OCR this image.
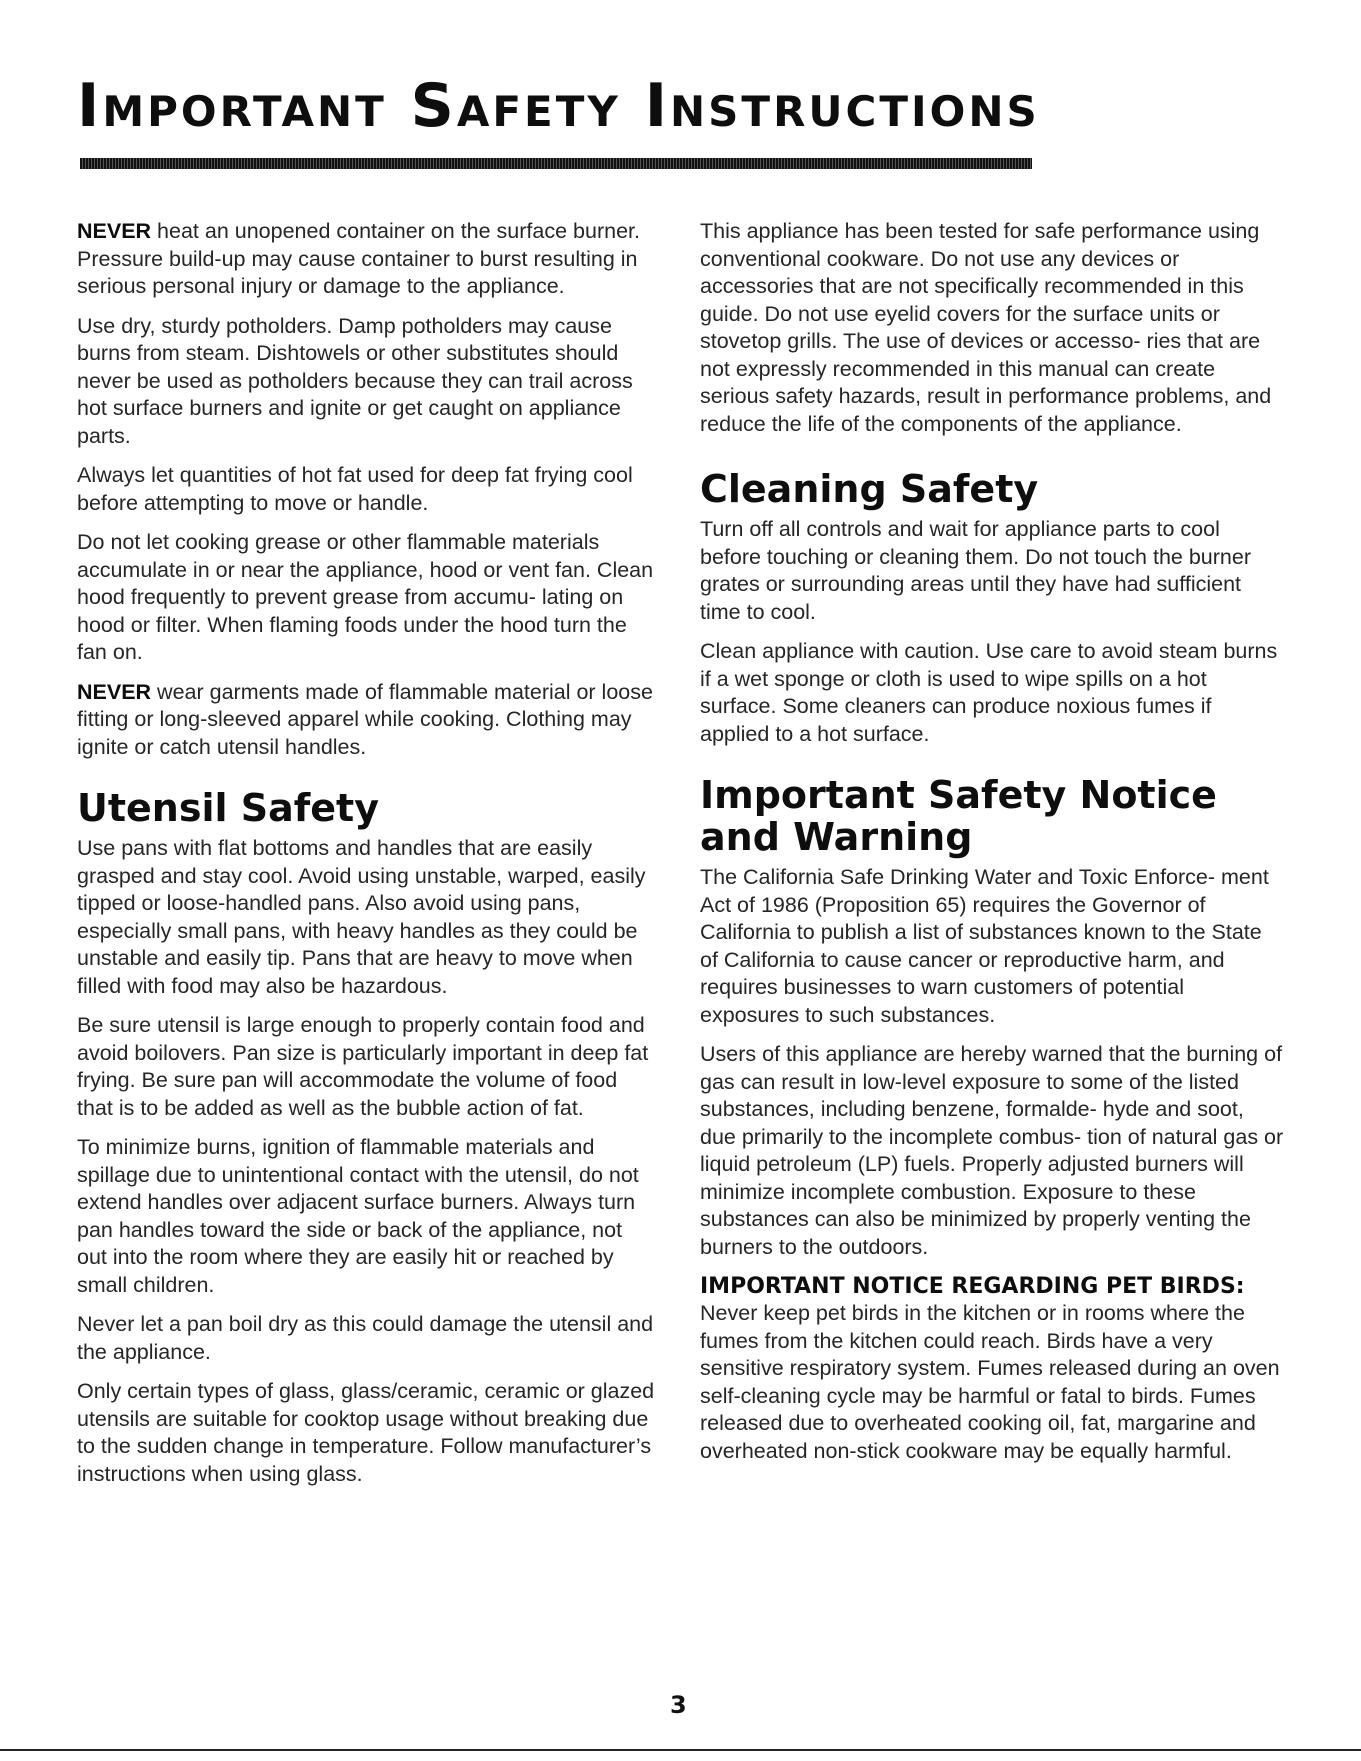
Important Safety Instructions

NEVER heat an unopened container on the surface burner. Pressure build-up may cause container to burst resulting in serious personal injury or damage to the appliance.

Use dry, sturdy potholders. Damp potholders may cause burns from steam. Dishtowels or other substitutes should never be used as potholders because they can trail across hot surface burners and ignite or get caught on appliance parts.

Always let quantities of hot fat used for deep fat frying cool before attempting to move or handle.

Do not let cooking grease or other flammable materials accumulate in or near the appliance, hood or vent fan. Clean hood frequently to prevent grease from accumu- lating on hood or filter. When flaming foods under the hood turn the fan on.

NEVER wear garments made of flammable material or loose fitting or long-sleeved apparel while cooking. Clothing may ignite or catch utensil handles.

Utensil Safety

Use pans with flat bottoms and handles that are easily grasped and stay cool. Avoid using unstable, warped, easily tipped or loose-handled pans. Also avoid using pans, especially small pans, with heavy handles as they could be unstable and easily tip. Pans that are heavy to move when filled with food may also be hazardous.

Be sure utensil is large enough to properly contain food and avoid boilovers. Pan size is particularly important in deep fat frying. Be sure pan will accommodate the volume of food that is to be added as well as the bubble action of fat.

To minimize burns, ignition of flammable materials and spillage due to unintentional contact with the utensil, do not extend handles over adjacent surface burners. Always turn pan handles toward the side or back of the appliance, not out into the room where they are easily hit or reached by small children.

Never let a pan boil dry as this could damage the utensil and the appliance.

Only certain types of glass, glass/ceramic, ceramic or glazed utensils are suitable for cooktop usage without breaking due to the sudden change in temperature. Follow manufacturer’s instructions when using glass.

This appliance has been tested for safe performance using conventional cookware. Do not use any devices or accessories that are not specifically recommended in this guide. Do not use eyelid covers for the surface units or stovetop grills. The use of devices or accesso- ries that are not expressly recommended in this manual can create serious safety hazards, result in performance problems, and reduce the life of the components of the appliance.

Cleaning Safety

Turn off all controls and wait for appliance parts to cool before touching or cleaning them. Do not touch the burner grates or surrounding areas until they have had sufficient time to cool.

Clean appliance with caution. Use care to avoid steam burns if a wet sponge or cloth is used to wipe spills on a hot surface. Some cleaners can produce noxious fumes if applied to a hot surface.

Important Safety Notice and Warning

The California Safe Drinking Water and Toxic Enforce- ment Act of 1986 (Proposition 65) requires the Governor of California to publish a list of substances known to the State of California to cause cancer or reproductive harm, and requires businesses to warn customers of potential exposures to such substances.

Users of this appliance are hereby warned that the burning of gas can result in low-level exposure to some of the listed substances, including benzene, formalde- hyde and soot, due primarily to the incomplete combus- tion of natural gas or liquid petroleum (LP) fuels. Properly adjusted burners will minimize incomplete combustion. Exposure to these substances can also be minimized by properly venting the burners to the outdoors.

IMPORTANT NOTICE REGARDING PET BIRDS:

Never keep pet birds in the kitchen or in rooms where the fumes from the kitchen could reach. Birds have a very sensitive respiratory system. Fumes released during an oven self-cleaning cycle may be harmful or fatal to birds. Fumes released due to overheated cooking oil, fat, margarine and overheated non-stick cookware may be equally harmful.

3
